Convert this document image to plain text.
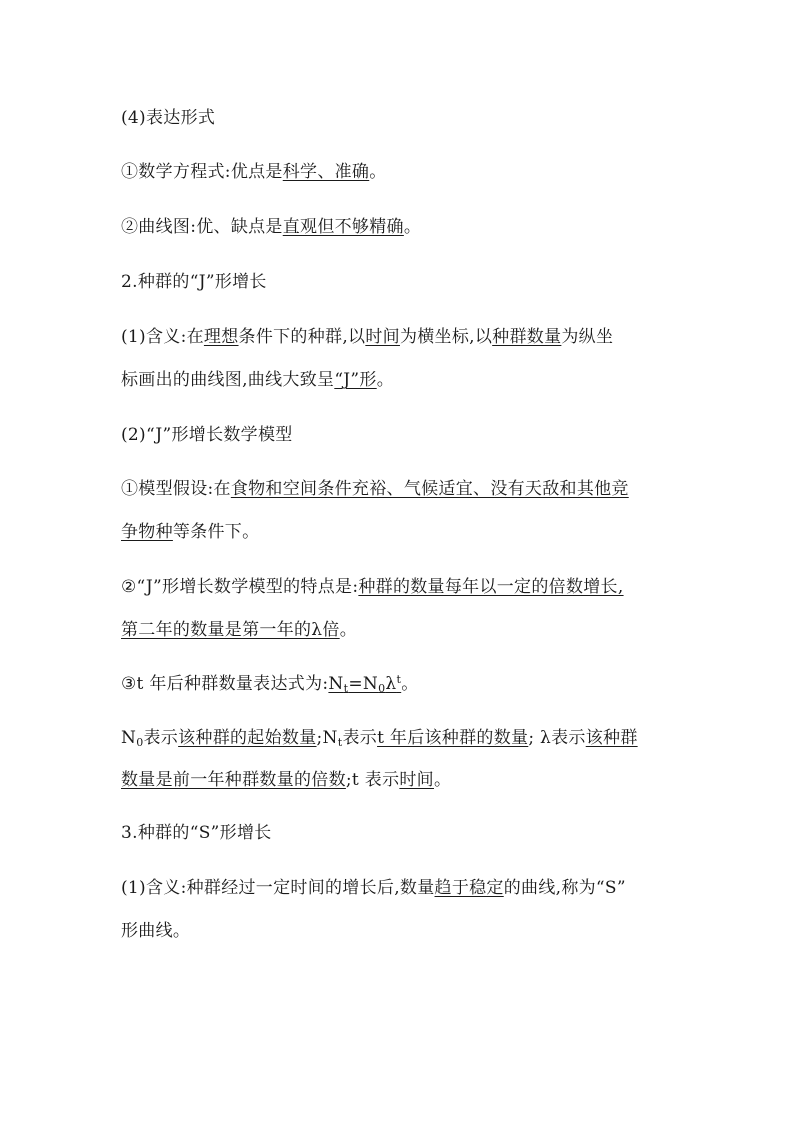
(4)表达形式
①数学方程式:优点是科学、准确。
②曲线图:优、缺点是直观但不够精确。
2.种群的“J”形增长
(1)含义:在理想条件下的种群,以时间为横坐标,以种群数量为纵坐
标画出的曲线图,曲线大致呈“J”形。
(2)“J”形增长数学模型
①模型假设:在食物和空间条件充裕、气候适宜、没有天敌和其他竞
争物种等条件下。
②“J”形增长数学模型的特点是:种群的数量每年以一定的倍数增长,
第二年的数量是第一年的λ倍。
③t 年后种群数量表达式为$:N_t=N_0\lambda^t$。
$N_0$表示该种群的起始数量$;N_t$表示t 年后该种群的数量; λ表示该种群
数量是前一年种群数量的倍数;t 表示时间。
3.种群的“S”形增长
(1)含义:种群经过一定时间的增长后,数量趋于稳定的曲线,称为“S”
形曲线。
